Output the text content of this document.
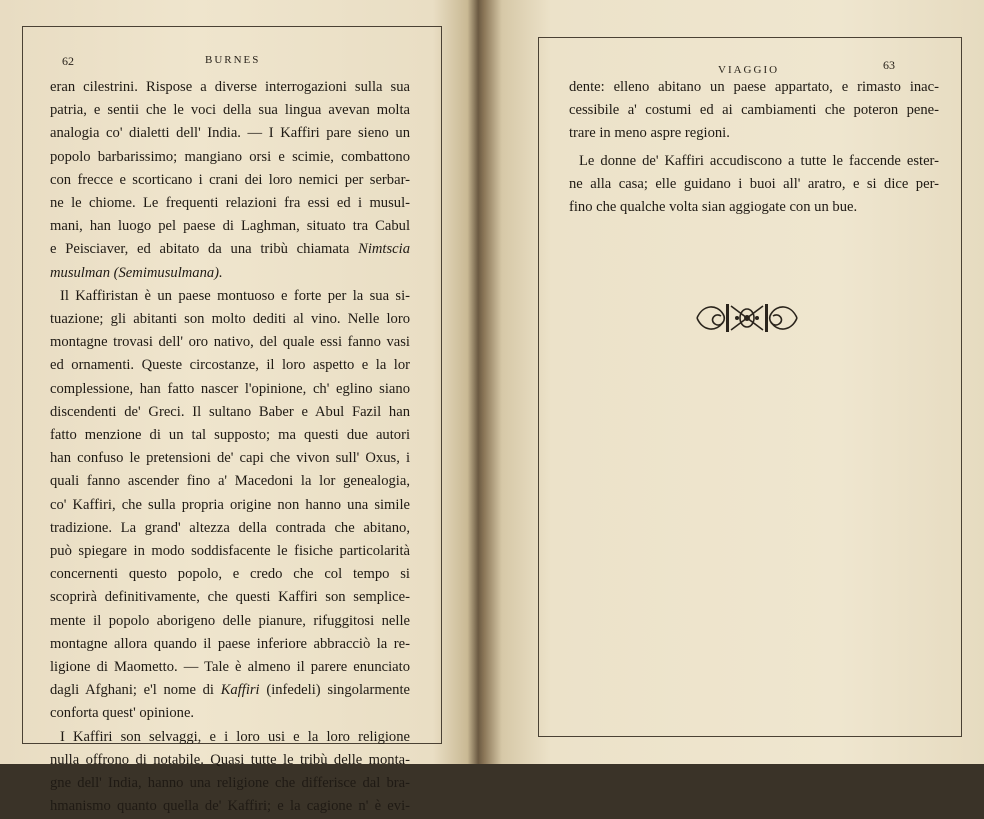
62	BURNES
eran cilestrini. Rispose a diverse interrogazioni sulla sua
patria, e sentii che le voci della sua lingua avevan molta
analogia co' dialetti dell' India. — I Kaffiri pare sieno un
popolo barbarissimo; mangiano orsi e scimie, combattono
con frecce e scorticano i crani dei loro nemici per serbar-
ne le chiome. Le frequenti relazioni fra essi ed i musul-
mani, han luogo pel paese di Laghman, situato tra Cabul
e Peisciaver, ed abitato da una tribù chiamata Nimtscia
musulman (Semimusulmana).
Il Kaffiristan è un paese montuoso e forte per la sua si-
tuazione; gli abitanti son molto dediti al vino. Nelle loro
montagne trovasi dell' oro nativo, del quale essi fanno vasi
ed ornamenti. Queste circostanze, il loro aspetto e la lor
complessione, han fatto nascer l'opinione, ch' eglino siano
discendenti de' Greci. Il sultano Baber e Abul Fazil han
fatto menzione di un tal supposto; ma questi due autori
han confuso le pretensioni de' capi che vivon sull' Oxus, i
quali fanno ascender fino a' Macedoni la lor genealogia,
co' Kaffiri, che sulla propria origine non hanno una simile
tradizione. La grand' altezza della contrada che abitano,
può spiegare in modo soddisfacente le fisiche particolarità
concernenti questo popolo, e credo che col tempo si
scoprirà definitivamente, che questi Kaffiri son semplice-
mente il popolo aborigeno delle pianure, rifuggitosi nelle
montagne allora quando il paese inferiore abbracciò la re-
ligione di Maometto. — Tale è almeno il parere enunciato
dagli Afghani; e'l nome di Kaffiri (infedeli) singolarmente
conforta quest' opinione.
I Kaffiri son selvaggi, e i loro usi e la loro religione
nulla offrono di notabile. Quasi tutte le tribù delle monta-
gne dell' India, hanno una religione che differisce dal bra-
hmanismo quanto quella de' Kaffiri; e la cagione n' è evi-
VIAGGIO	63
dente: elleno abitano un paese appartato, e rimasto inac-
cessibile a' costumi ed ai cambiamenti che poteron pene-
trare in meno aspre regioni.
Le donne de' Kaffiri accudiscono a tutte le faccende ester-
ne alla casa; elle guidano i buoi all' aratro, e si dice per-
fino che qualche volta sian aggiogate con un bue.
